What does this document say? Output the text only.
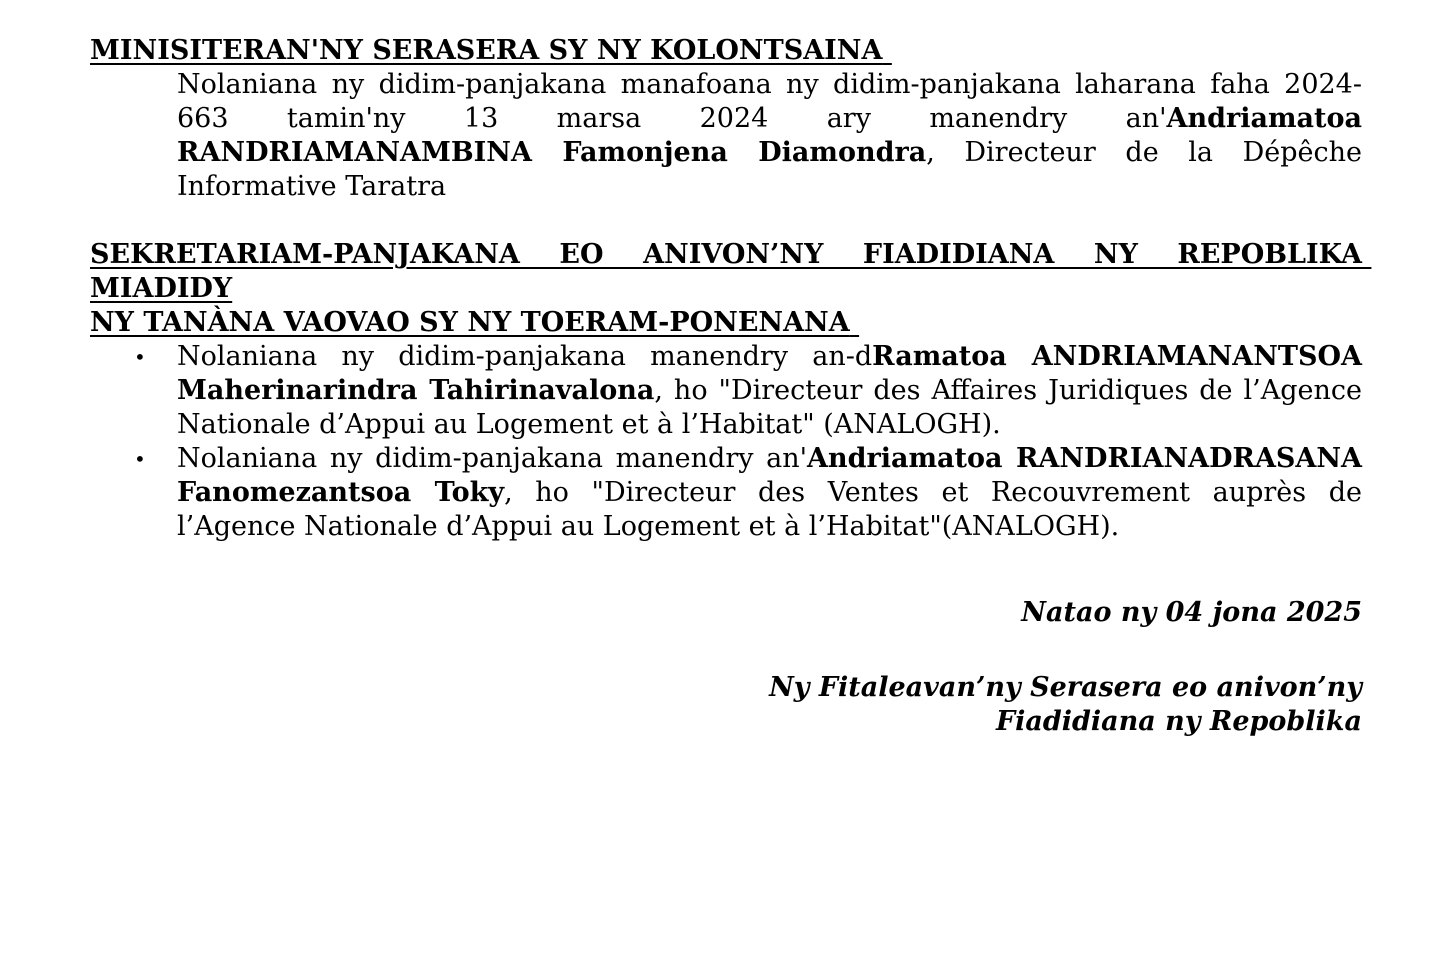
MINISITERAN'NY SERASERA SY NY KOLONTSAINA

Nolaniana ny didim-panjakana manafoana ny didim-panjakana laharana faha 2024-663 tamin'ny 13 marsa 2024 ary manendry an'Andriamatoa RANDRIAMANAMBINA Famonjena Diamondra, Directeur de la Dépêche Informative Taratra

SEKRETARIAM-PANJAKANA EO ANIVON’NY FIADIDIANA NY REPOBLIKA MIADIDY
NY TANÀNA VAOVAO SY NY TOERAM-PONENANA

• Nolaniana ny didim-panjakana manendry an-dRamatoa ANDRIAMANANTSOA Maherinarindra Tahirinavalona, ho "Directeur des Affaires Juridiques de l’Agence Nationale d’Appui au Logement et à l’Habitat" (ANALOGH).
• Nolaniana ny didim-panjakana manendry an'Andriamatoa RANDRIANADRASANA Fanomezantsoa Toky, ho "Directeur des Ventes et Recouvrement auprès de l’Agence Nationale d’Appui au Logement et à l’Habitat"(ANALOGH).
Natao ny 04 jona 2025
Ny Fitaleavan’ny Serasera eo anivon’ny
Fiadidiana ny Repoblika
